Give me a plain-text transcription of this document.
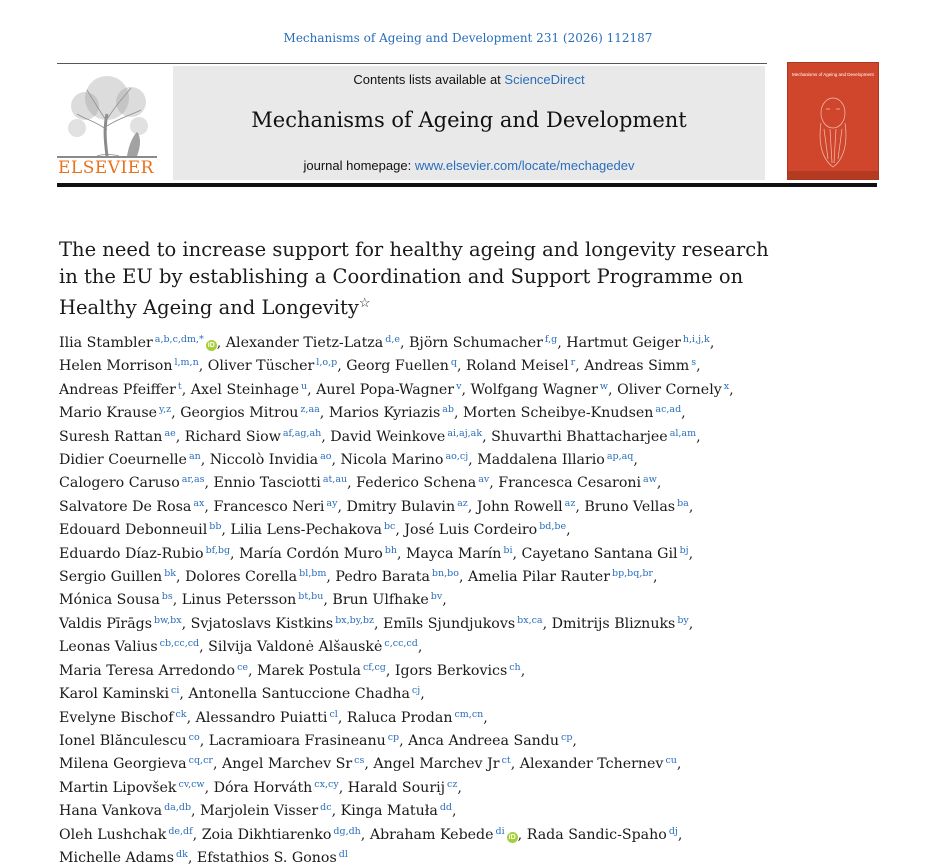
Mechanisms of Ageing and Development 231 (2026) 112187
ELSEVIER
Contents lists available at ScienceDirect
Mechanisms of Ageing and Development
journal homepage: www.elsevier.com/locate/mechagedev
Mechanisms of Ageing and Development
The need to increase support for healthy ageing and longevity research in the EU by establishing a Coordination and Support Programme on Healthy Ageing and Longevity☆
Ilia Stambler $^{a,b,c,dm,*}$iD , Alexander Tietz-Latza $^{d,e}$, Björn Schumacher $^{f,g}$, Hartmut Geiger $^{h,i,j,k}$,
Helen Morrison $^{l,m,n}$, Oliver Tüscher $^{l,o,p}$, Georg Fuellen $^q$, Roland Meisel $^r$, Andreas Simm $^s$,
Andreas Pfeiffer $^t$, Axel Steinhage $^u$, Aurel Popa-Wagner $^v$, Wolfgang Wagner $^w$, Oliver Cornely $^x$,
Mario Krause $^{y,z}$, Georgios Mitrou $^{z,aa}$, Marios Kyriazis $^{ab}$, Morten Scheibye-Knudsen $^{ac,ad}$,
Suresh Rattan $^{ae}$, Richard Siow $^{af,ag,ah}$, David Weinkove $^{ai,aj,ak}$, Shuvarthi Bhattacharjee $^{al,am}$,
Didier Coeurnelle $^{an}$, Niccolò Invidia $^{ao}$, Nicola Marino $^{ao,cj}$, Maddalena Illario $^{ap,aq}$,
Calogero Caruso $^{ar,as}$, Ennio Tasciotti $^{at,au}$, Federico Schena $^{av}$, Francesca Cesaroni $^{aw}$,
Salvatore De Rosa $^{ax}$, Francesco Neri $^{ay}$, Dmitry Bulavin $^{az}$, John Rowell $^{az}$, Bruno Vellas $^{ba}$,
Edouard Debonneuil $^{bb}$, Lilia Lens-Pechakova $^{bc}$, José Luis Cordeiro $^{bd,be}$,
Eduardo Díaz-Rubio $^{bf,bg}$, María Cordón Muro $^{bh}$, Mayca Marín $^{bi}$, Cayetano Santana Gil $^{bj}$,
Sergio Guillen $^{bk}$, Dolores Corella $^{bl,bm}$, Pedro Barata $^{bn,bo}$, Amelia Pilar Rauter $^{bp,bq,br}$,
Mónica Sousa $^{bs}$, Linus Petersson $^{bt,bu}$, Brun Ulfhake $^{bv}$,
Valdis Pīrāgs $^{bw,bx}$, Svjatoslavs Kistkins $^{bx,by,bz}$, Emīls Sjundjukovs $^{bx,ca}$, Dmitrijs Bliznuks $^{by}$,
Leonas Valius $^{cb,cc,cd}$, Silvija Valdonė Alšauskė $^{c,cc,cd}$,
Maria Teresa Arredondo $^{ce}$, Marek Postula $^{cf,cg}$, Igors Berkovics $^{ch}$,
Karol Kaminski $^{ci}$, Antonella Santuccione Chadha $^{cj}$,
Evelyne Bischof $^{ck}$, Alessandro Puiatti $^{cl}$, Raluca Prodan $^{cm,cn}$,
Ionel Blănculescu $^{co}$, Lacramioara Frasineanu $^{cp}$, Anca Andreea Sandu $^{cp}$,
Milena Georgieva $^{cq,cr}$, Angel Marchev Sr $^{cs}$, Angel Marchev Jr $^{ct}$, Alexander Tchernev $^{cu}$,
Martin Lipovšek $^{cv,cw}$, Dóra Horváth $^{cx,cy}$, Harald Sourij $^{cz}$,
Hana Vankova $^{da,db}$, Marjolein Visser $^{dc}$, Kinga Matuła $^{dd}$,
Oleh Lushchak $^{de,df}$, Zoia Dikhtiarenko $^{dg,dh}$, Abraham Kebede $^{di}$iD , Rada Sandic-Spaho $^{dj}$,
Michelle Adams $^{dk}$, Efstathios S. Gonos $^{dl}$
